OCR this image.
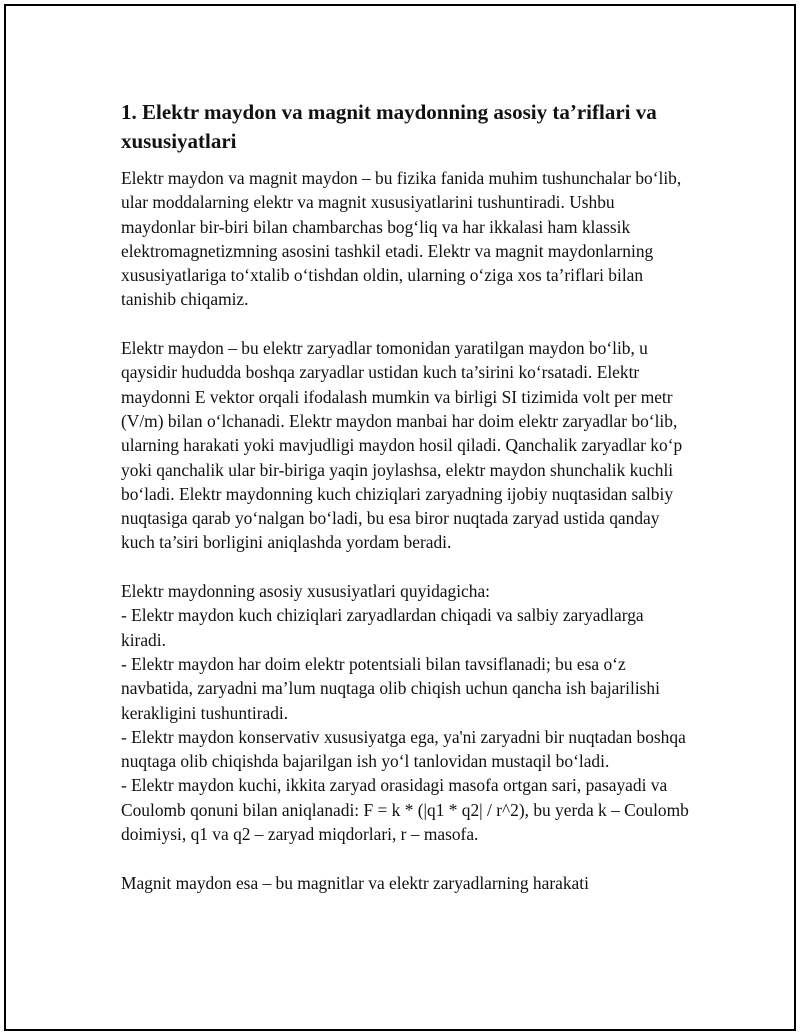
1. Elektr maydon va magnit maydonning asosiy ta’riflari va xususiyatlari

Elektr maydon va magnit maydon – bu fizika fanida muhim tushunchalar bo‘lib, ular moddalarning elektr va magnit xususiyatlarini tushuntiradi. Ushbu maydonlar bir-biri bilan chambarchas bog‘liq va har ikkalasi ham klassik elektromagnetizmning asosini tashkil etadi. Elektr va magnit maydonlarning xususiyatlariga to‘xtalib o‘tishdan oldin, ularning o‘ziga xos ta’riflari bilan tanishib chiqamiz.

Elektr maydon – bu elektr zaryadlar tomonidan yaratilgan maydon bo‘lib, u qaysidir hududda boshqa zaryadlar ustidan kuch ta’sirini ko‘rsatadi. Elektr maydonni E vektor orqali ifodalash mumkin va birligi SI tizimida volt per metr (V/m) bilan o‘lchanadi. Elektr maydon manbai har doim elektr zaryadlar bo‘lib, ularning harakati yoki mavjudligi maydon hosil qiladi. Qanchalik zaryadlar ko‘p yoki qanchalik ular bir-biriga yaqin joylashsa, elektr maydon shunchalik kuchli bo‘ladi. Elektr maydonning kuch chiziqlari zaryadning ijobiy nuqtasidan salbiy nuqtasiga qarab yo‘nalgan bo‘ladi, bu esa biror nuqtada zaryad ustida qanday kuch ta’siri borligini aniqlashda yordam beradi.

Elektr maydonning asosiy xususiyatlari quyidagicha:

- Elektr maydon kuch chiziqlari zaryadlardan chiqadi va salbiy zaryadlarga kiradi.

- Elektr maydon har doim elektr potentsiali bilan tavsiflanadi; bu esa o‘z navbatida, zaryadni ma’lum nuqtaga olib chiqish uchun qancha ish bajarilishi kerakligini tushuntiradi.

- Elektr maydon konservativ xususiyatga ega, ya'ni zaryadni bir nuqtadan boshqa nuqtaga olib chiqishda bajarilgan ish yo‘l tanlovidan mustaqil bo‘ladi.

- Elektr maydon kuchi, ikkita zaryad orasidagi masofa ortgan sari, pasayadi va Coulomb qonuni bilan aniqlanadi: F = k * (|q1 * q2| / r^2), bu yerda k – Coulomb doimiysi, q1 va q2 – zaryad miqdorlari, r – masofa.

Magnit maydon esa – bu magnitlar va elektr zaryadlarning harakati
